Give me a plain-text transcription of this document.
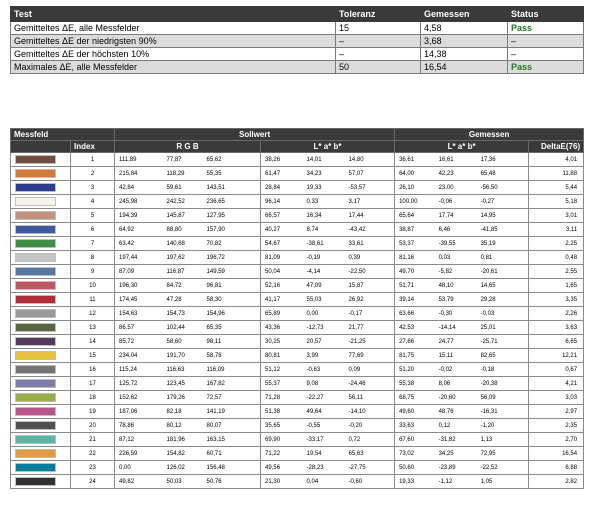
Test	Toleranz	Gemessen	Status
Gemitteltes ΔE, alle Messfelder	15	4,58	Pass
Gemitteltes ΔE der niedrigsten 90%	–	3,68	–
Gemitteltes ΔE der höchsten 10%	–	14,38	–
Maximales ΔE, alle Messfelder	50	16,54	Pass
Messfeld		Sollwert						Gemessen			
	Index	R G B			L* a* b*			L* a* b*			DeltaE(76)

	1	111,89	77,87	65,62	38,26	14,01	14,80	36,61	16,61	17,36	4,01

	2	215,84	118,29	55,35	61,47	34,23	57,07	64,00	42,23	65,48	11,88

	3	42,84	59,61	143,51	28,84	19,33	-53,57	26,10	23,00	-56,50	5,44

	4	245,98	242,52	236,65	96,14	0,33	3,17	100,00	-0,06	-0,27	5,18

	5	194,39	145,87	127,95	66,57	16,34	17,44	65,64	17,74	14,95	3,01

	6	64,92	88,80	157,90	40,27	8,74	-43,42	38,87	6,46	-41,85	3,11

	7	63,42	140,68	70,82	54,67	-38,61	33,61	53,37	-39,55	35,19	2,25

	8	197,44	197,62	196,72	81,09	-0,19	0,39	81,16	0,03	0,81	0,48

	9	87,09	116,87	149,59	50,04	-4,14	-22,50	49,70	-5,82	-20,61	2,55

	10	196,30	84,72	96,81	52,16	47,09	15,87	51,71	48,10	14,65	1,65

	11	174,45	47,28	58,30	41,17	55,03	26,92	39,14	53,79	29,28	3,35

	12	154,63	154,73	154,96	65,89	0,00	-0,17	63,66	-0,30	-0,03	2,26

	13	86,57	102,44	65,35	43,36	-12,73	21,77	42,53	-14,14	25,01	3,63

	14	85,72	58,60	98,11	30,25	20,57	-21,25	27,66	24,77	-25,71	6,65

	15	234,04	191,70	58,78	80,81	3,99	77,69	81,75	15,11	82,65	12,21

	16	115,24	116,63	116,09	51,12	-0,63	0,09	51,20	-0,02	-0,18	0,67

	17	125,72	123,45	167,82	55,37	9,08	-24,46	55,38	8,06	-20,38	4,21

	18	152,62	179,26	72,57	71,28	-22,27	56,11	68,75	-20,60	56,09	3,03

	19	187,06	82,18	141,19	51,38	49,64	-14,10	49,60	48,76	-16,31	2,97

	20	78,86	80,12	80,07	35,65	-0,55	-0,20	33,63	0,12	-1,20	2,35

	21	87,12	181,96	163,15	69,90	-33,17	0,72	67,60	-31,82	1,13	2,70

	22	226,59	154,82	60,71	71,22	19,54	65,63	73,02	34,25	72,95	16,54

	23	0,00	126,02	156,48	49,56	-28,23	-27,75	50,60	-23,89	-22,52	6,88

	24	49,82	50,03	50,76	21,30	0,04	-0,60	19,33	-1,12	1,05	2,82
